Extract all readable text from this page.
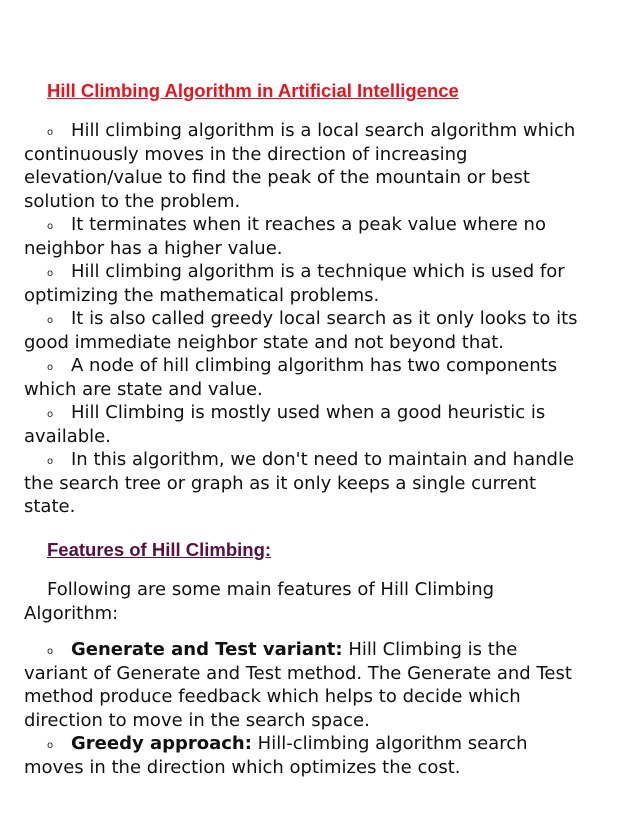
Hill Climbing Algorithm in Artificial Intelligence
o Hill climbing algorithm is a local search algorithm which
continuously moves in the direction of increasing
elevation/value to find the peak of the mountain or best
solution to the problem.
o It terminates when it reaches a peak value where no
neighbor has a higher value.
o Hill climbing algorithm is a technique which is used for
optimizing the mathematical problems.
o It is also called greedy local search as it only looks to its
good immediate neighbor state and not beyond that.
o A node of hill climbing algorithm has two components
which are state and value.
o Hill Climbing is mostly used when a good heuristic is
available.
o In this algorithm, we don't need to maintain and handle
the search tree or graph as it only keeps a single current
state.
Features of Hill Climbing:
Following are some main features of Hill Climbing
Algorithm:
o Generate and Test variant: Hill Climbing is the
variant of Generate and Test method. The Generate and Test
method produce feedback which helps to decide which
direction to move in the search space.
o Greedy approach: Hill-climbing algorithm search
moves in the direction which optimizes the cost.
